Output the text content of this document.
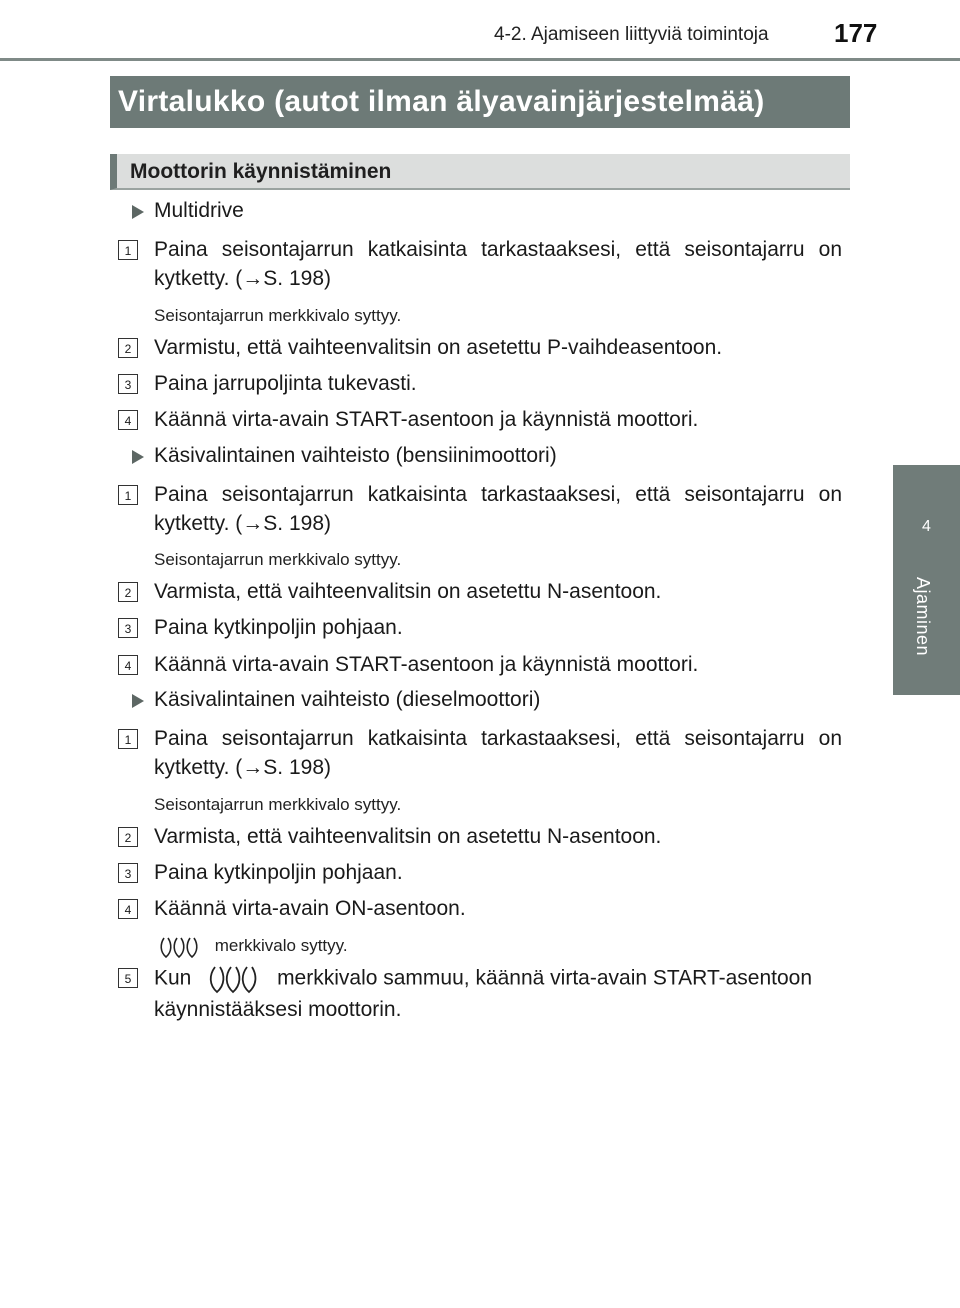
4-2. Ajamiseen liittyviä toimintoja	177
4
Ajaminen
Virtalukko (autot ilman älyavainjärjestelmää)
Moottorin käynnistäminen
Multidrive
1	Paina seisontajarrun katkaisinta tarkastaaksesi, että seisontajarru on kytketty. (→S. 198)
Seisontajarrun merkkivalo syttyy.
2	Varmistu, että vaihteenvalitsin on asetettu P-vaihdeasentoon.
3	Paina jarrupoljinta tukevasti.
4	Käännä virta-avain START-asentoon ja käynnistä moottori.
Käsivalintainen vaihteisto (bensiinimoottori)
1	Paina seisontajarrun katkaisinta tarkastaaksesi, että seisontajarru on kytketty. (→S. 198)
Seisontajarrun merkkivalo syttyy.
2	Varmista, että vaihteenvalitsin on asetettu N-asentoon.
3	Paina kytkinpoljin pohjaan.
4	Käännä virta-avain START-asentoon ja käynnistä moottori.
Käsivalintainen vaihteisto (dieselmoottori)
1	Paina seisontajarrun katkaisinta tarkastaaksesi, että seisontajarru on kytketty. (→S. 198)
Seisontajarrun merkkivalo syttyy.
2	Varmista, että vaihteenvalitsin on asetettu N-asentoon.
3	Paina kytkinpoljin pohjaan.
4	Käännä virta-avain ON-asentoon.
merkkivalo syttyy.
5	Kun	merkkivalo sammuu, käännä virta-avain START-asentoon käynnistääksesi moottorin.
